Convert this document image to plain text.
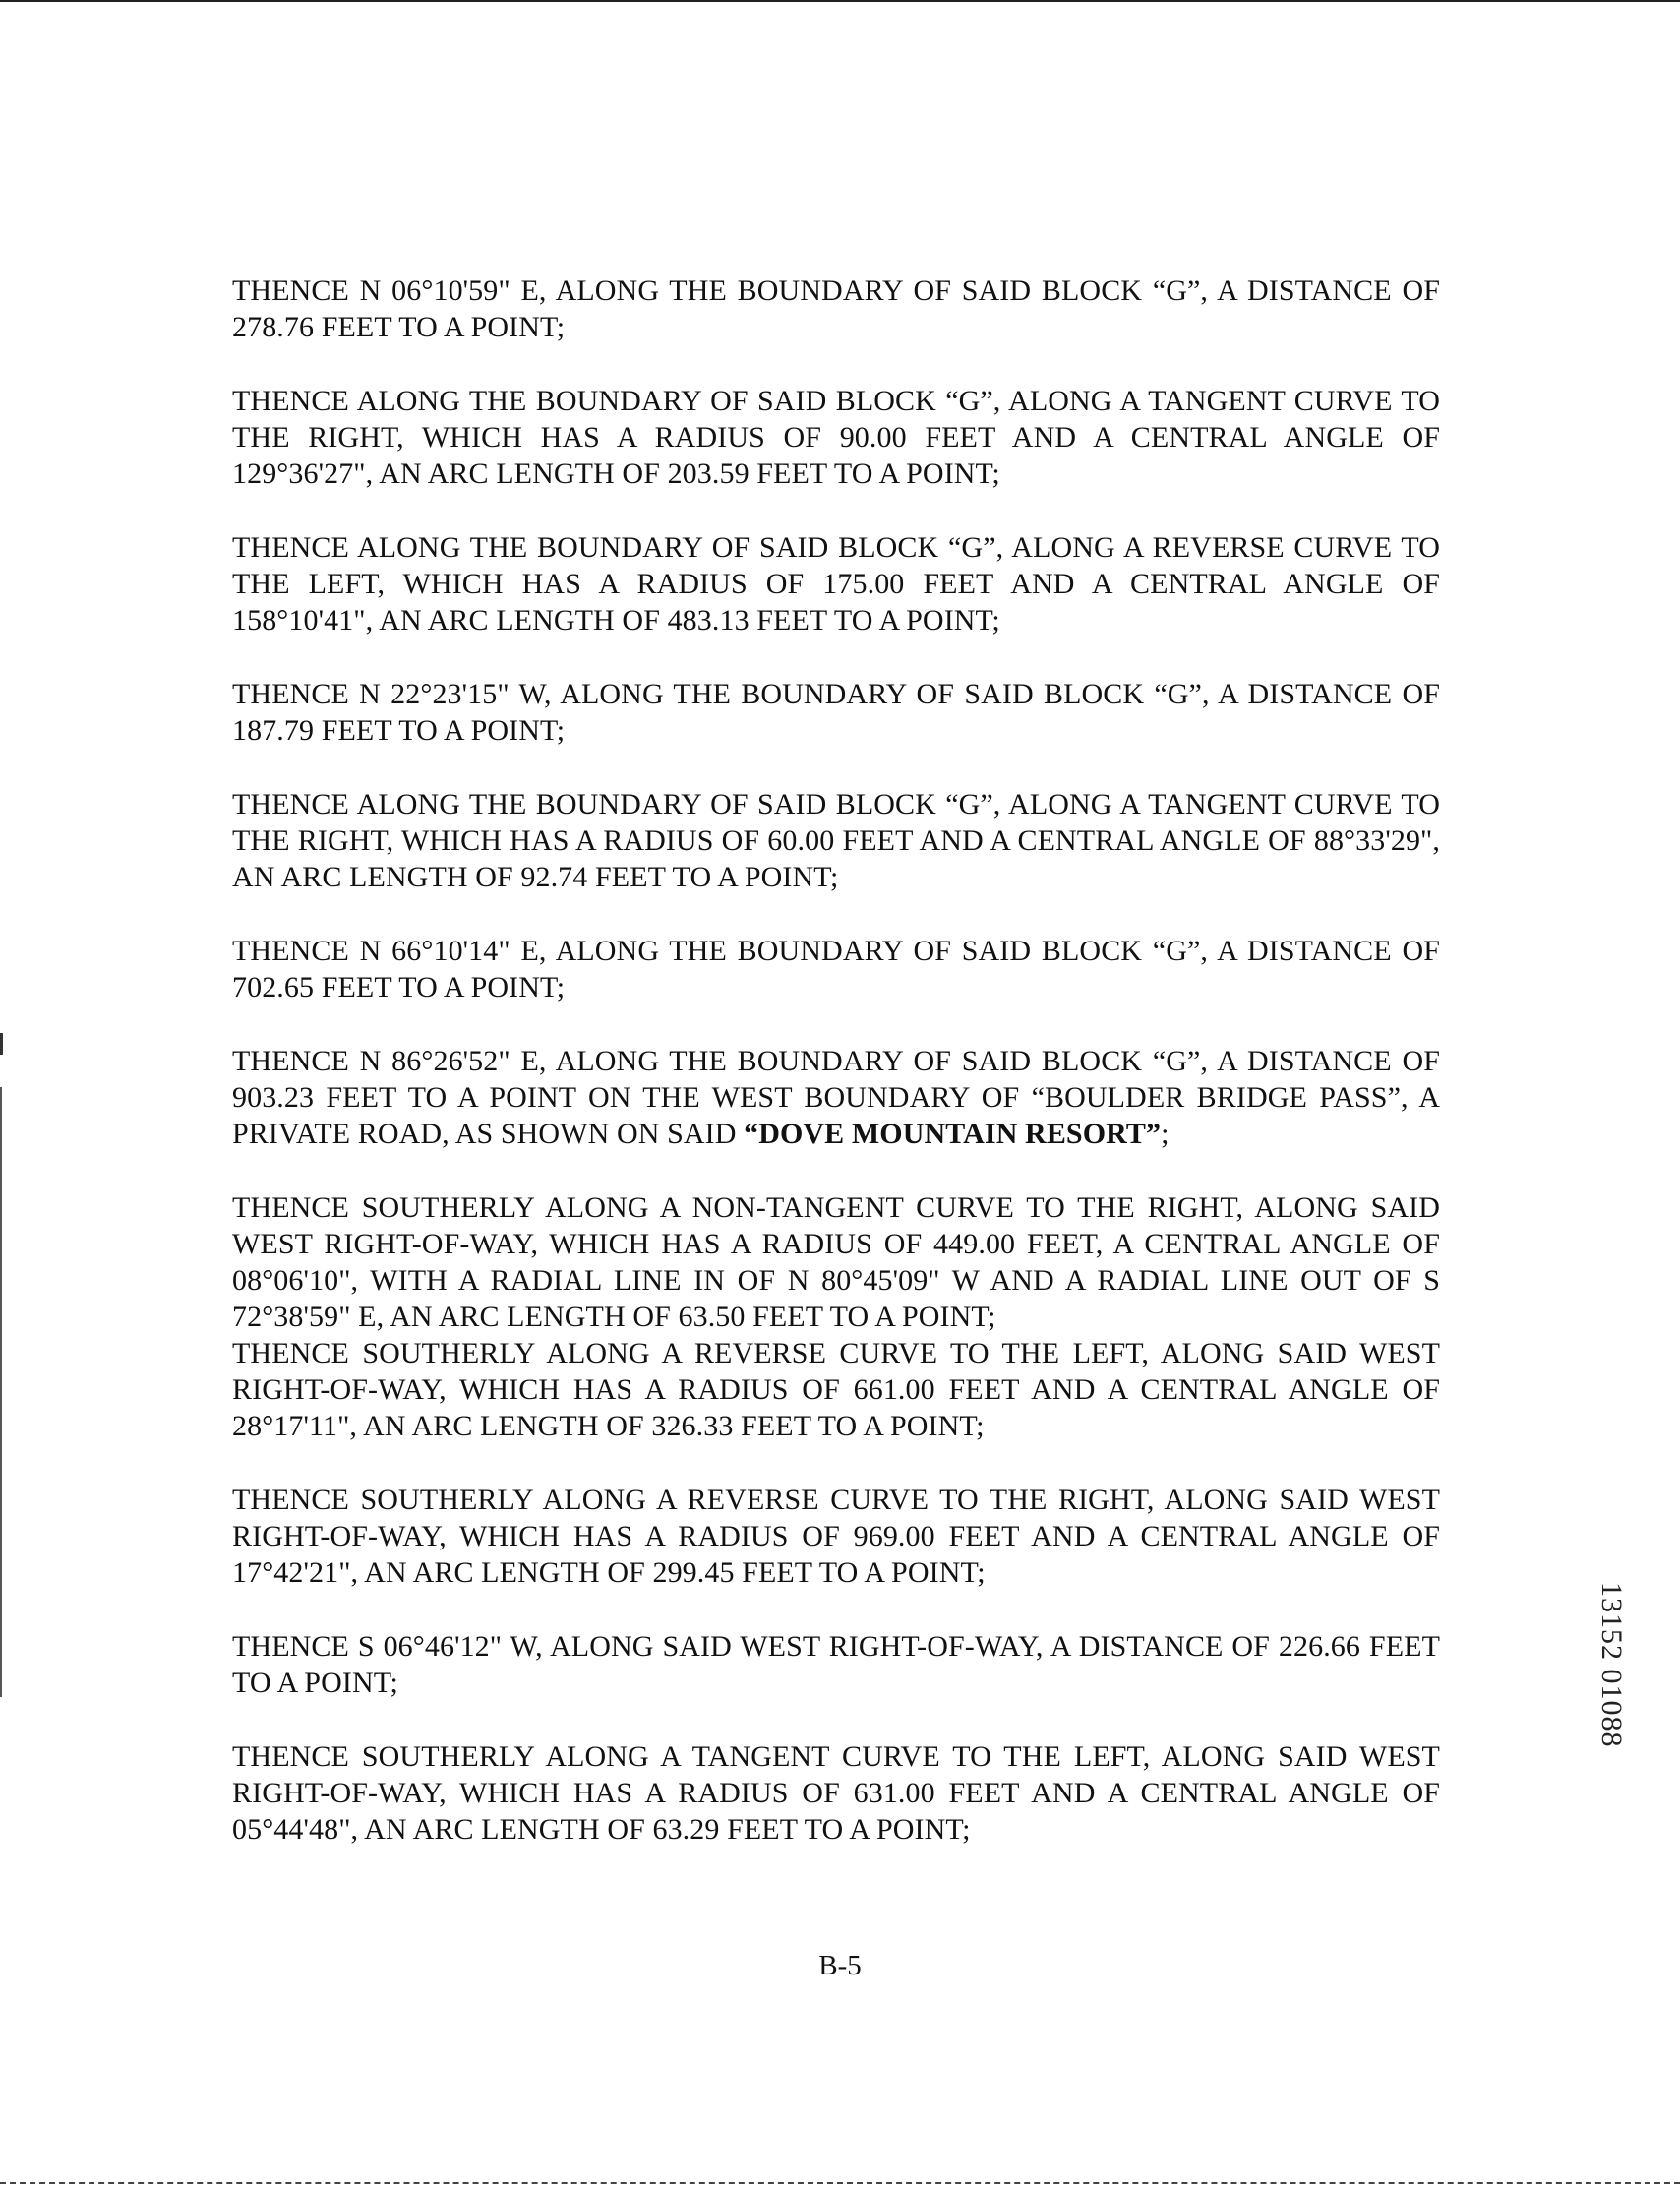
THENCE N 06°10'59" E, ALONG THE BOUNDARY OF SAID BLOCK “G”, A DISTANCE OF 278.76 FEET TO A POINT;

THENCE ALONG THE BOUNDARY OF SAID BLOCK “G”, ALONG A TANGENT CURVE TO THE RIGHT, WHICH HAS A RADIUS OF 90.00 FEET AND A CENTRAL ANGLE OF 129°36'27", AN ARC LENGTH OF 203.59 FEET TO A POINT;

THENCE ALONG THE BOUNDARY OF SAID BLOCK “G”, ALONG A REVERSE CURVE TO THE LEFT, WHICH HAS A RADIUS OF 175.00 FEET AND A CENTRAL ANGLE OF 158°10'41", AN ARC LENGTH OF 483.13 FEET TO A POINT;

THENCE N 22°23'15" W, ALONG THE BOUNDARY OF SAID BLOCK “G”, A DISTANCE OF 187.79 FEET TO A POINT;

THENCE ALONG THE BOUNDARY OF SAID BLOCK “G”, ALONG A TANGENT CURVE TO THE RIGHT, WHICH HAS A RADIUS OF 60.00 FEET AND A CENTRAL ANGLE OF 88°33'29", AN ARC LENGTH OF 92.74 FEET TO A POINT;

THENCE N 66°10'14" E, ALONG THE BOUNDARY OF SAID BLOCK “G”, A DISTANCE OF 702.65 FEET TO A POINT;

THENCE N 86°26'52" E, ALONG THE BOUNDARY OF SAID BLOCK “G”, A DISTANCE OF 903.23 FEET TO A POINT ON THE WEST BOUNDARY OF “BOULDER BRIDGE PASS”, A PRIVATE ROAD, AS SHOWN ON SAID “DOVE MOUNTAIN RESORT”;

THENCE SOUTHERLY ALONG A NON-TANGENT CURVE TO THE RIGHT, ALONG SAID WEST RIGHT-OF-WAY, WHICH HAS A RADIUS OF 449.00 FEET, A CENTRAL ANGLE OF 08°06'10", WITH A RADIAL LINE IN OF N 80°45'09" W AND A RADIAL LINE OUT OF S 72°38'59" E, AN ARC LENGTH OF 63.50 FEET TO A POINT;

THENCE SOUTHERLY ALONG A REVERSE CURVE TO THE LEFT, ALONG SAID WEST RIGHT-OF-WAY, WHICH HAS A RADIUS OF 661.00 FEET AND A CENTRAL ANGLE OF 28°17'11", AN ARC LENGTH OF 326.33 FEET TO A POINT;

THENCE SOUTHERLY ALONG A REVERSE CURVE TO THE RIGHT, ALONG SAID WEST RIGHT-OF-WAY, WHICH HAS A RADIUS OF 969.00 FEET AND A CENTRAL ANGLE OF 17°42'21", AN ARC LENGTH OF 299.45 FEET TO A POINT;

THENCE S 06°46'12" W, ALONG SAID WEST RIGHT-OF-WAY, A DISTANCE OF 226.66 FEET TO A POINT;

THENCE SOUTHERLY ALONG A TANGENT CURVE TO THE LEFT, ALONG SAID WEST RIGHT-OF-WAY, WHICH HAS A RADIUS OF 631.00 FEET AND A CENTRAL ANGLE OF 05°44'48", AN ARC LENGTH OF 63.29 FEET TO A POINT;

B-5
13152 01088
